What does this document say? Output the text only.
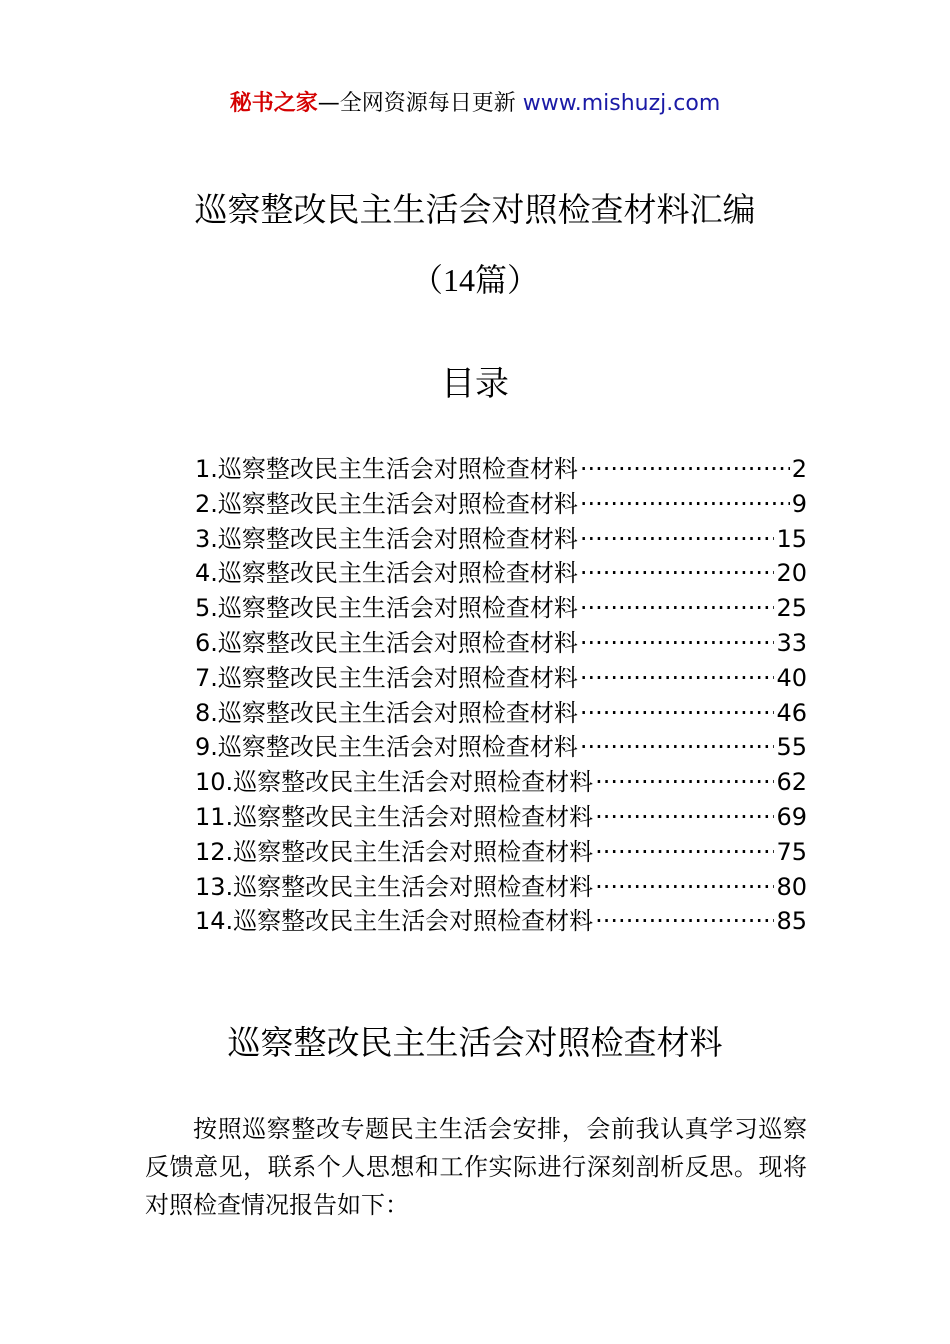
秘书之家—全网资源每日更新 www.mishuzj.com
巡察整改民主生活会对照检查材料汇编
（14篇）
目录
1.巡察整改民主生活会对照检查材料 ·····	2
2.巡察整改民主生活会对照检查材料 ·····	9
3.巡察整改民主生活会对照检查材料 ·····	15
4.巡察整改民主生活会对照检查材料 ·····	20
5.巡察整改民主生活会对照检查材料 ·····	25
6.巡察整改民主生活会对照检查材料 ·····	33
7.巡察整改民主生活会对照检查材料 ·····	40
8.巡察整改民主生活会对照检查材料 ·····	46
9.巡察整改民主生活会对照检查材料 ·····	55
10.巡察整改民主生活会对照检查材料 ·····	62
11.巡察整改民主生活会对照检查材料 ·····	69
12.巡察整改民主生活会对照检查材料 ·····	75
13.巡察整改民主生活会对照检查材料 ·····	80
14.巡察整改民主生活会对照检查材料 ·····	85
巡察整改民主生活会对照检查材料

按照巡察整改专题民主生活会安排，会前我认真学习巡察反馈意见，联系个人思想和工作实际进行深刻剖析反思。现将对照检查情况报告如下：
